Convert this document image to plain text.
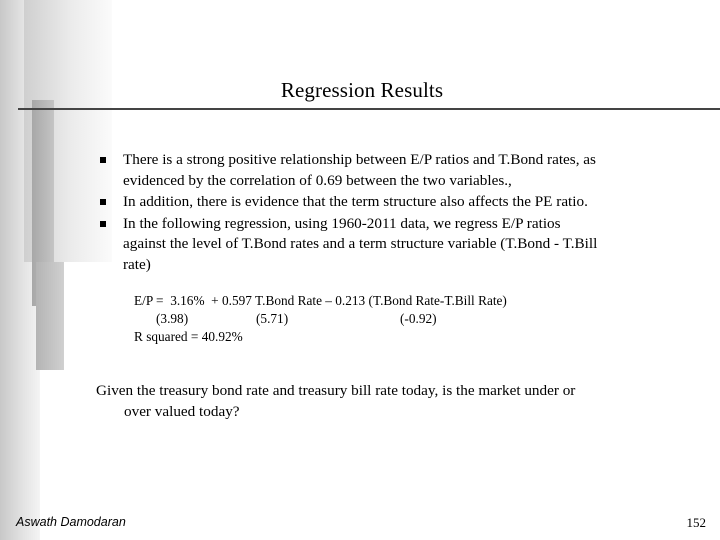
Regression Results
There is a strong positive relationship between E/P ratios and T.Bond rates, as
evidenced by the correlation of 0.69 between the two variables.,
In addition, there is evidence that the term structure also affects the PE ratio.
In the following regression, using 1960-2011 data, we regress E/P ratios
against the level of T.Bond rates and a term structure variable (T.Bond - T.Bill
rate)
E/P =  3.16%  + 0.597 T.Bond Rate – 0.213 (T.Bond Rate-T.Bill Rate)

(3.98)

	(5.71)

	(-0.92)

R squared = 40.92%
Given the treasury bond rate and treasury bill rate today, is the market under or
over valued today?
Aswath Damodaran	152
